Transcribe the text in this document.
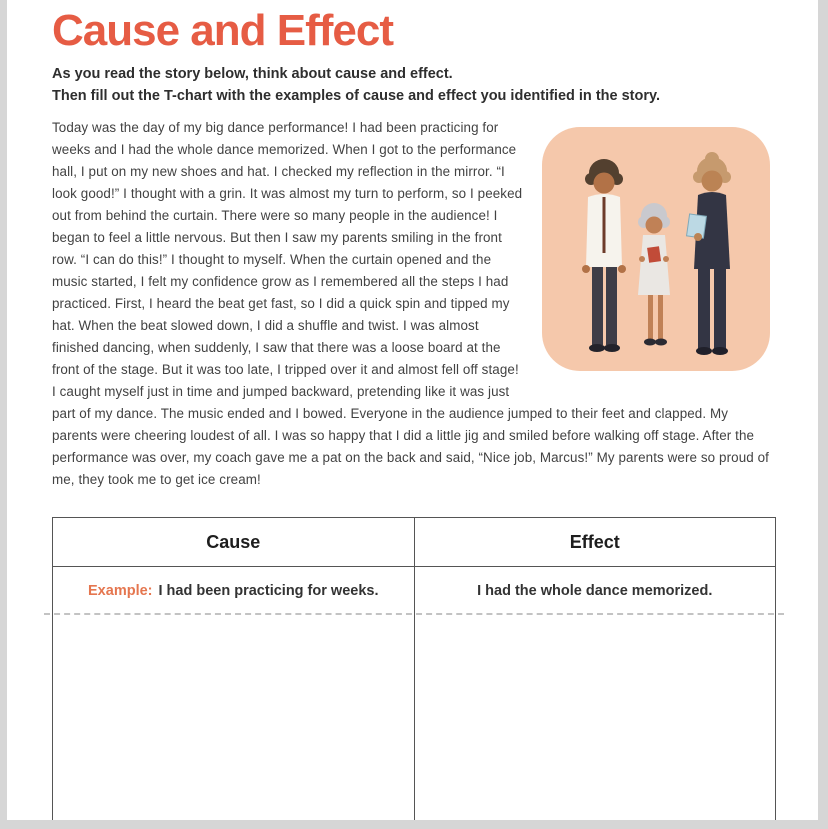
Cause and Effect

As you read the story below, think about cause and effect.

Then fill out the T-chart with the examples of cause and effect you identified in the story.

Today was the day of my big dance performance! I had been practicing for weeks and I had the whole dance memorized. When I got to the performance hall, I put on my new shoes and hat. I checked my reflection in the mirror. “I look good!” I thought with a grin. It was almost my turn to perform, so I peeked out from behind the curtain. There were so many people in the audience! I began to feel a little nervous. But then I saw my parents smiling in the front row. “I can do this!” I thought to myself. When the curtain opened and the music started, I felt my confidence grow as I remembered all the steps I had practiced. First, I heard the beat get fast, so I did a quick spin and tipped my hat. When the beat slowed down, I did a shuffle and twist. I was almost finished dancing, when suddenly, I saw that there was a loose board at the front of the stage. But it was too late, I tripped over it and almost fell off stage! I caught myself just in time and jumped backward, pretending like it was just part of my dance. The music ended and I bowed. Everyone in the audience jumped to their feet and clapped. My parents were cheering loudest of all. I was so happy that I did a little jig and smiled before walking off stage. After the performance was over, my coach gave me a pat on the back and said, “Nice job, Marcus!” My parents were so proud of me, they took me to get ice cream!

Cause	Effect
Example: I had been practicing for weeks.	I had the whole dance memorized.
